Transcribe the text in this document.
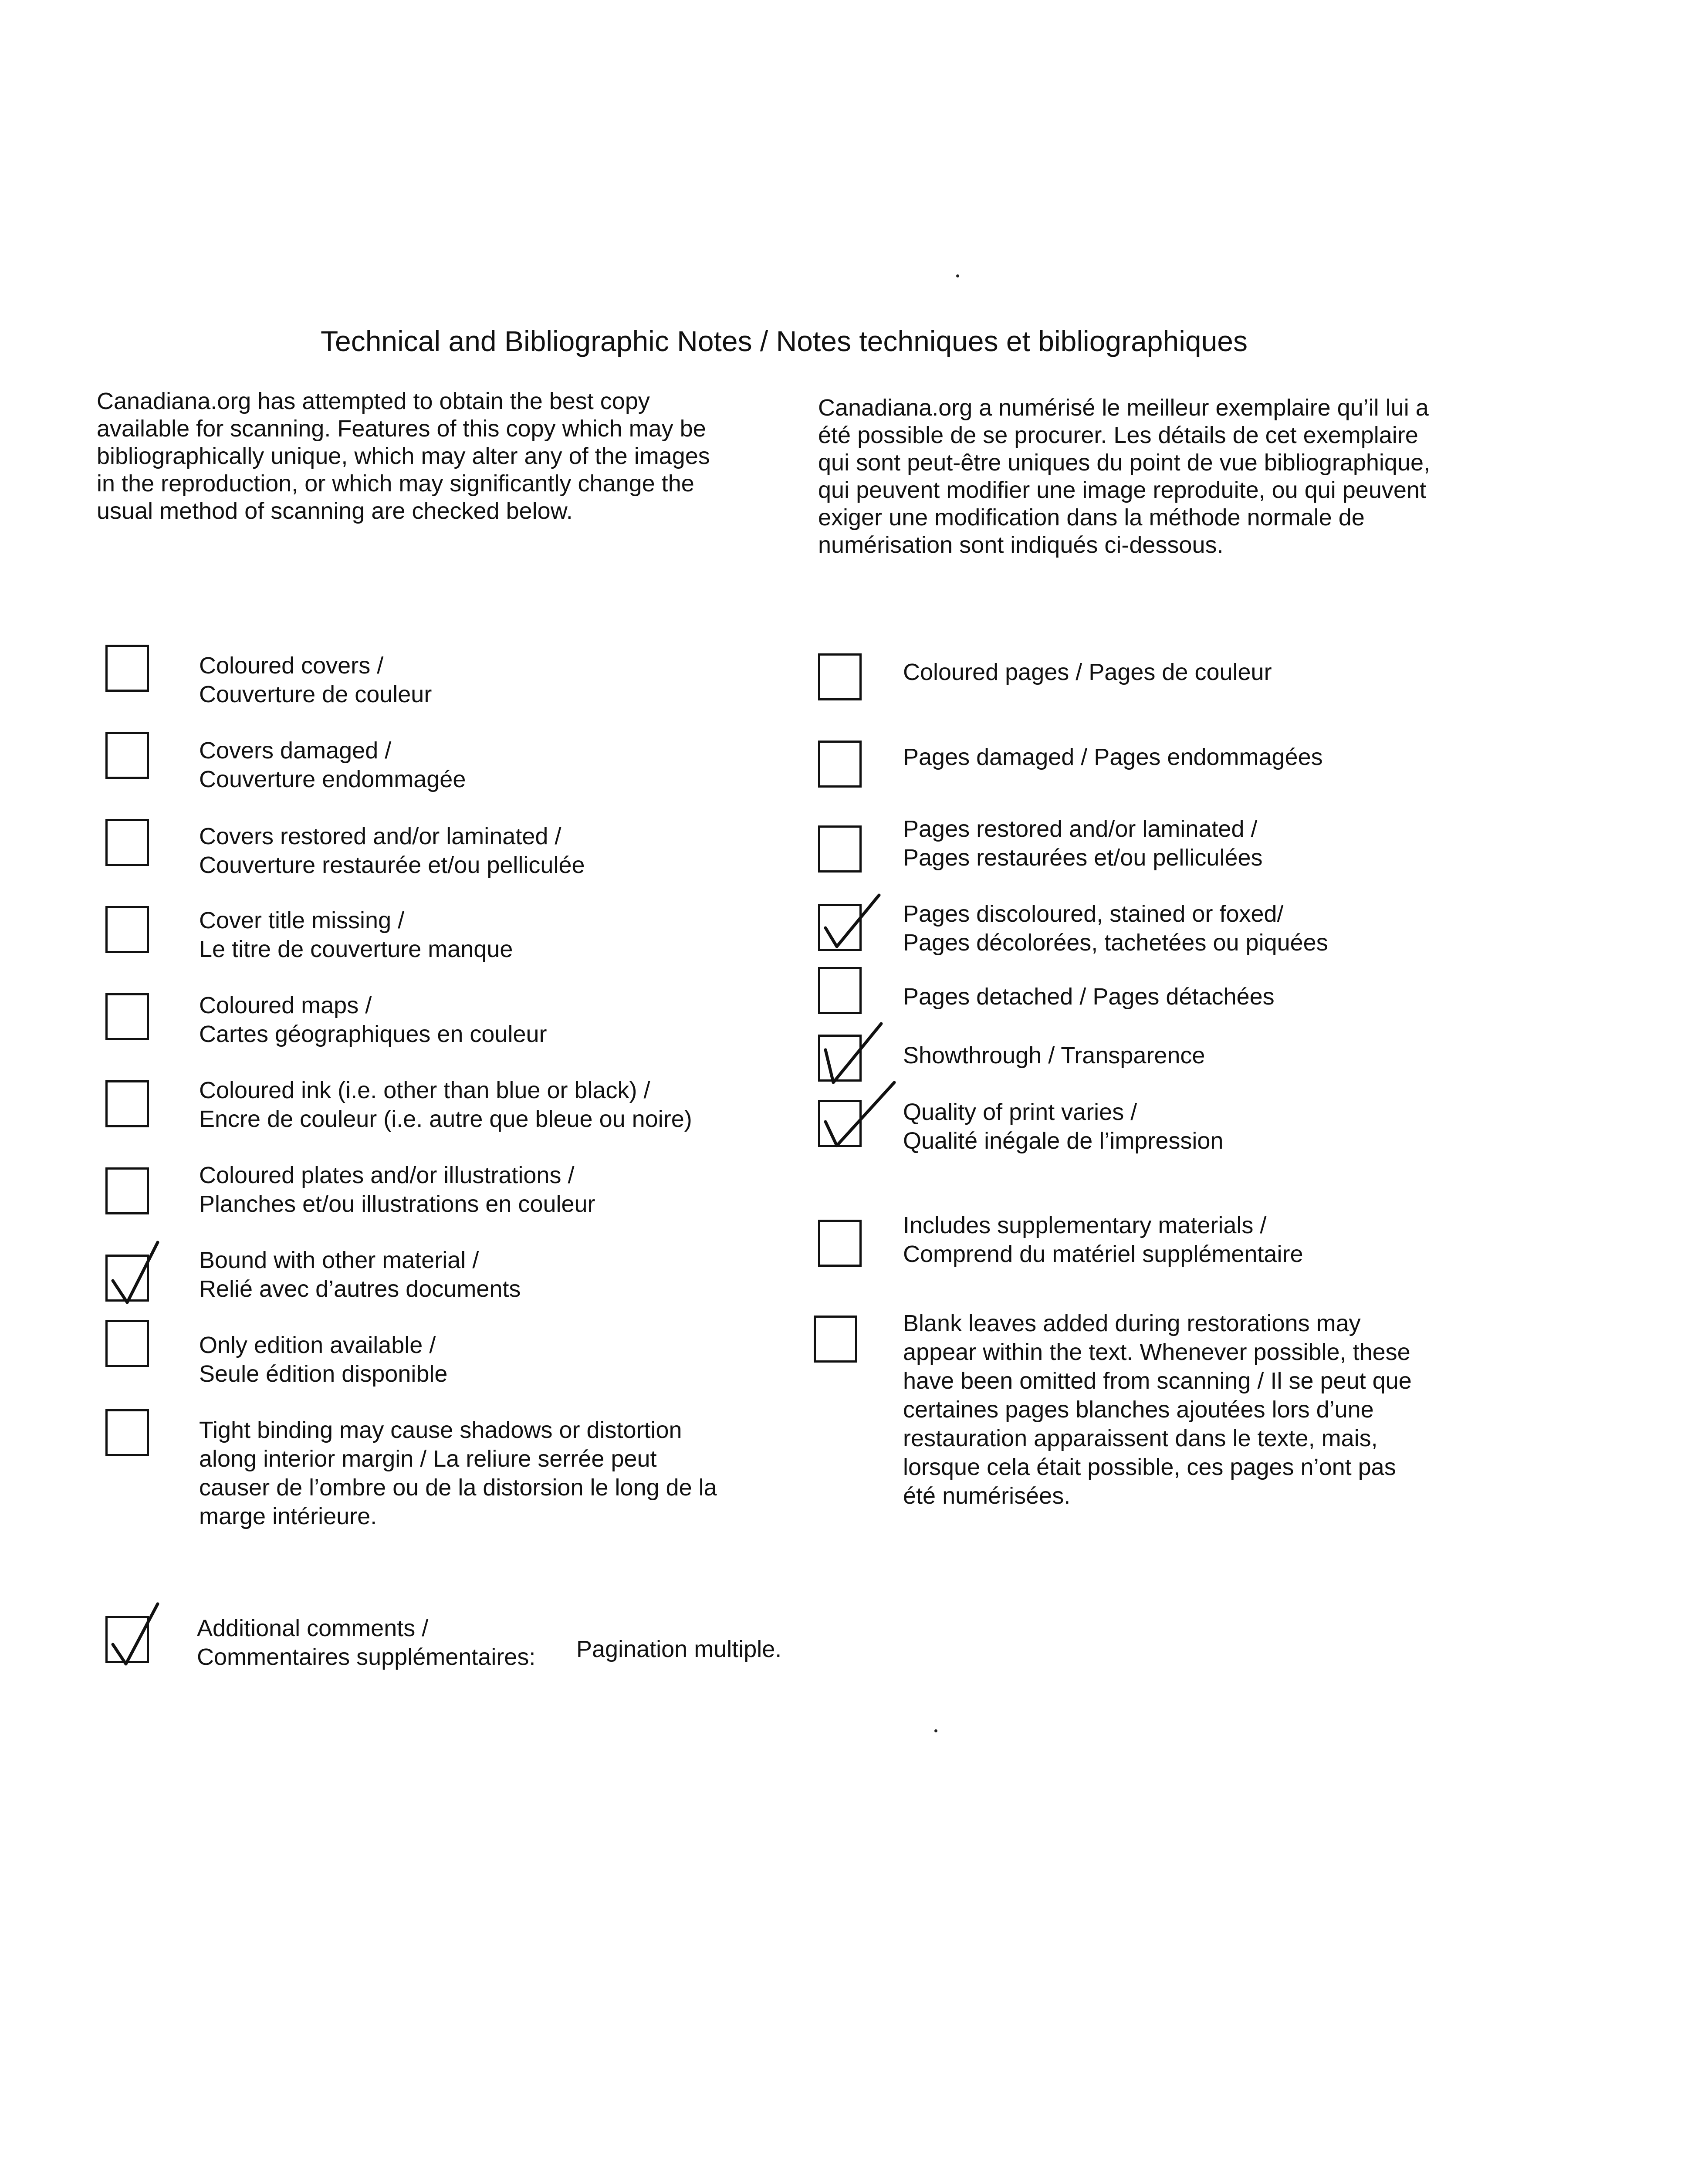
Technical and Bibliographic Notes / Notes techniques et bibliographiques
Canadiana.org has attempted to obtain the best copy
available for scanning. Features of this copy which may be
bibliographically unique, which may alter any of the images
in the reproduction, or which may significantly change the
usual method of scanning are checked below.
Canadiana.org a numérisé le meilleur exemplaire qu’il lui a
été possible de se procurer. Les détails de cet exemplaire
qui sont peut-être uniques du point de vue bibliographique,
qui peuvent modifier une image reproduite, ou qui peuvent
exiger une modification dans la méthode normale de
numérisation sont indiqués ci-dessous.
Coloured covers /
Couverture de couleur
Covers damaged /
Couverture endommagée
Covers restored and/or laminated /
Couverture restaurée et/ou pelliculée
Cover title missing /
Le titre de couverture manque
Coloured maps /
Cartes géographiques en couleur
Coloured ink (i.e. other than blue or black) /
Encre de couleur (i.e. autre que bleue ou noire)
Coloured plates and/or illustrations /
Planches et/ou illustrations en couleur
Bound with other material /
Relié avec d’autres documents
Only edition available /
Seule édition disponible
Tight binding may cause shadows or distortion
along interior margin / La reliure serrée peut
causer de l’ombre ou de la distorsion le long de la
marge intérieure.
Coloured pages / Pages de couleur
Pages damaged / Pages endommagées
Pages restored and/or laminated /
Pages restaurées et/ou pelliculées
Pages discoloured, stained or foxed/
Pages décolorées, tachetées ou piquées
Pages detached / Pages détachées
Showthrough / Transparence
Quality of print varies /
Qualité inégale de l’impression
Includes supplementary materials /
Comprend du matériel supplémentaire
Blank leaves added during restorations may
appear within the text. Whenever possible, these
have been omitted from scanning / Il se peut que
certaines pages blanches ajoutées lors d’une
restauration apparaissent dans le texte, mais,
lorsque cela était possible, ces pages n’ont pas
été numérisées.
Additional comments /
Commentaires supplémentaires: Pagination multiple.
